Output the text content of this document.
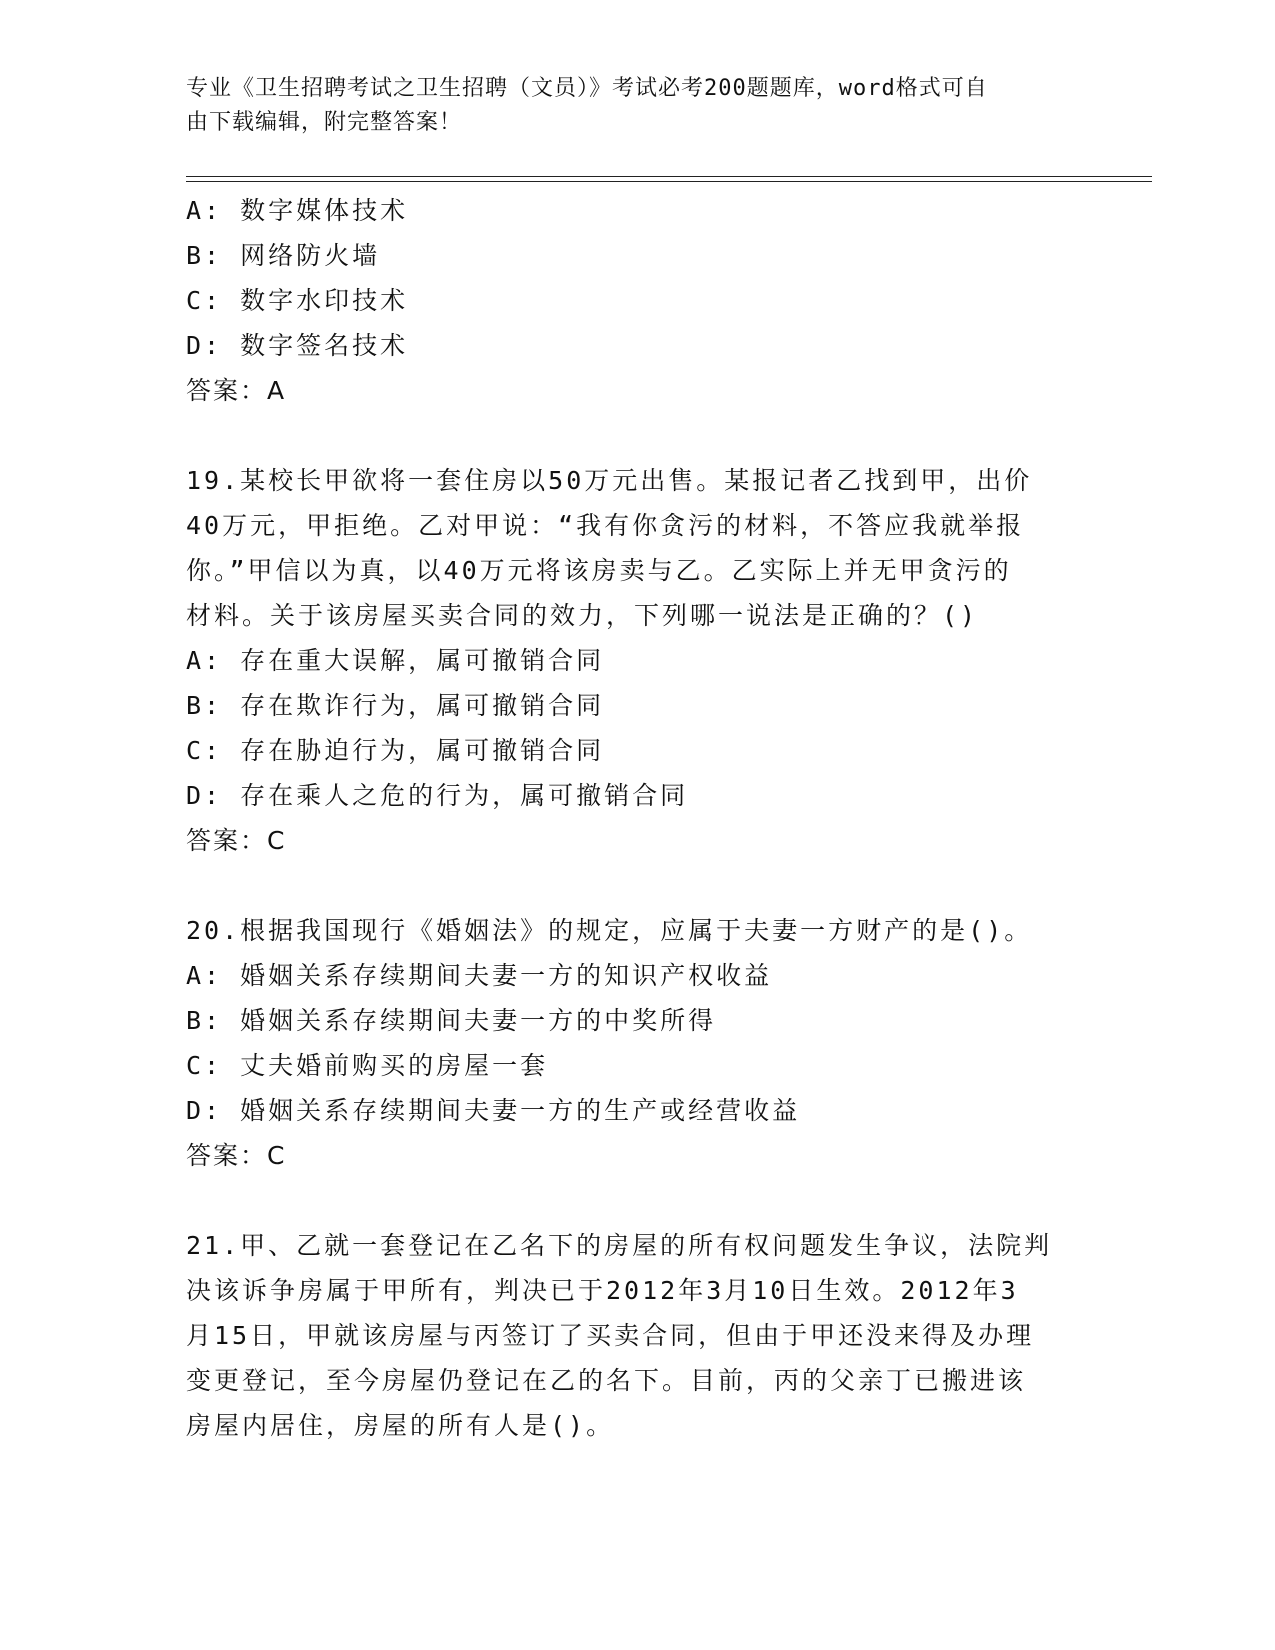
专业《卫生招聘考试之卫生招聘（文员）》考试必考200题题库，word格式可自
由下载编辑，附完整答案！

A: 数字媒体技术

B: 网络防火墙

C: 数字水印技术

D: 数字签名技术

答案：A

19.某校长甲欲将一套住房以50万元出售。某报记者乙找到甲，出价

40万元，甲拒绝。乙对甲说：“我有你贪污的材料，不答应我就举报

你。”甲信以为真，以40万元将该房卖与乙。乙实际上并无甲贪污的

材料。关于该房屋买卖合同的效力，下列哪一说法是正确的？()

A: 存在重大误解，属可撤销合同

B: 存在欺诈行为，属可撤销合同

C: 存在胁迫行为，属可撤销合同

D: 存在乘人之危的行为，属可撤销合同

答案：C

20.根据我国现行《婚姻法》的规定，应属于夫妻一方财产的是()。

A: 婚姻关系存续期间夫妻一方的知识产权收益

B: 婚姻关系存续期间夫妻一方的中奖所得

C: 丈夫婚前购买的房屋一套

D: 婚姻关系存续期间夫妻一方的生产或经营收益

答案：C

21.甲、乙就一套登记在乙名下的房屋的所有权问题发生争议，法院判

决该诉争房属于甲所有，判决已于2012年3月10日生效。2012年3

月15日，甲就该房屋与丙签订了买卖合同，但由于甲还没来得及办理

变更登记，至今房屋仍登记在乙的名下。目前，丙的父亲丁已搬进该

房屋内居住，房屋的所有人是()。
